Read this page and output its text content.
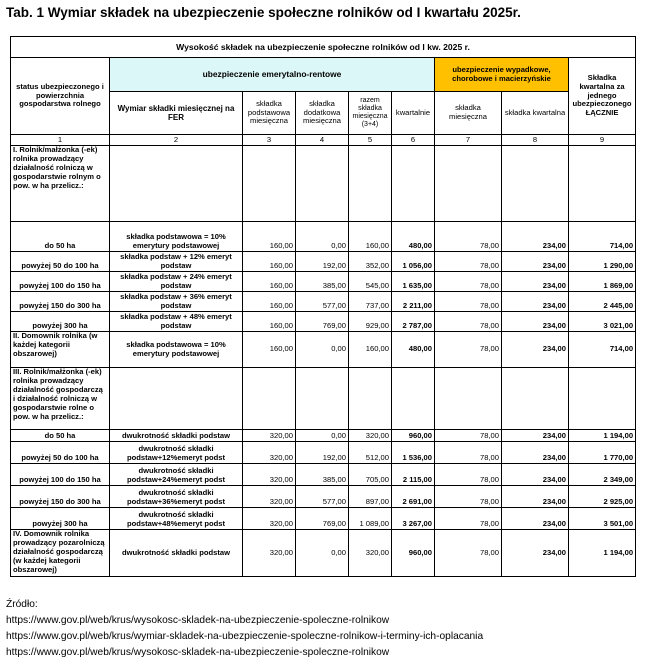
Tab. 1 Wymiar składek na ubezpieczenie społeczne rolników od I kwartału 2025r.
Wysokość składek na ubezpieczenie społeczne rolników od I kw. 2025 r.								
status ubezpieczonego i powierzchnia gospodarstwa rolnego	ubezpieczenie emerytalno-rentowe					ubezpieczenie wypadkowe, chorobowe i macierzyńskie		Składka kwartalna za jednego ubezpieczonego ŁĄCZNIE
	Wymiar składki miesięcznej na FER	składka podstawowa miesięczna	składka dodatkowa miesięczna	razem składka miesięczna (3+4)	kwartalnie	składka miesięczna	składka kwartalna	
1	2	3	4	5	6	7	8	9
I. Rolnik/małżonka (-ek) rolnika prowadzący działalność rolniczą w gospodarstwie rolnym o pow. w ha przelicz.:								
do 50 ha	składka podstawowa = 10% emerytury podstawowej	160,00	0,00	160,00	480,00	78,00	234,00	714,00
powyżej 50 do 100 ha	składka podstaw + 12% emeryt podstaw	160,00	192,00	352,00	1 056,00	78,00	234,00	1 290,00
powyżej 100 do 150 ha	składka podstaw + 24% emeryt podstaw	160,00	385,00	545,00	1 635,00	78,00	234,00	1 869,00
powyżej 150 do 300 ha	składka podstaw + 36% emeryt podstaw	160,00	577,00	737,00	2 211,00	78,00	234,00	2 445,00
powyżej 300 ha	składka podstaw + 48% emeryt podstaw	160,00	769,00	929,00	2 787,00	78,00	234,00	3 021,00
II. Domownik rolnika (w każdej kategorii obszarowej)	składka podstawowa = 10% emerytury podstawowej	160,00	0,00	160,00	480,00	78,00	234,00	714,00
III. Rolnik/małżonka (-ek) rolnika prowadzący działalność gospodarczą i działalność rolniczą w gospodarstwie rolne o pow. w ha przelicz.:								
do 50 ha	dwukrotność składki podstaw	320,00	0,00	320,00	960,00	78,00	234,00	1 194,00
powyżej 50 do 100 ha	dwukrotność składki podstaw+12%emeryt podst	320,00	192,00	512,00	1 536,00	78,00	234,00	1 770,00
powyżej 100 do 150 ha	dwukrotność składki podstaw+24%emeryt podst	320,00	385,00	705,00	2 115,00	78,00	234,00	2 349,00
powyżej 150 do 300 ha	dwukrotność składki podstaw+36%emeryt podst	320,00	577,00	897,00	2 691,00	78,00	234,00	2 925,00
powyżej 300 ha	dwukrotność składki podstaw+48%emeryt podst	320,00	769,00	1 089,00	3 267,00	78,00	234,00	3 501,00
IV. Domownik rolnika prowadzący pozarolniczą działalność gospodarczą (w każdej kategorii obszarowej)	dwukrotność składki podstaw	320,00	0,00	320,00	960,00	78,00	234,00	1 194,00
Źródło:
https://www.gov.pl/web/krus/wysokosc-skladek-na-ubezpieczenie-spoleczne-rolnikow
https://www.gov.pl/web/krus/wymiar-skladek-na-ubezpieczenie-spoleczne-rolnikow-i-terminy-ich-oplacania
https://www.gov.pl/web/krus/wysokosc-skladek-na-ubezpieczenie-spoleczne-rolnikow
